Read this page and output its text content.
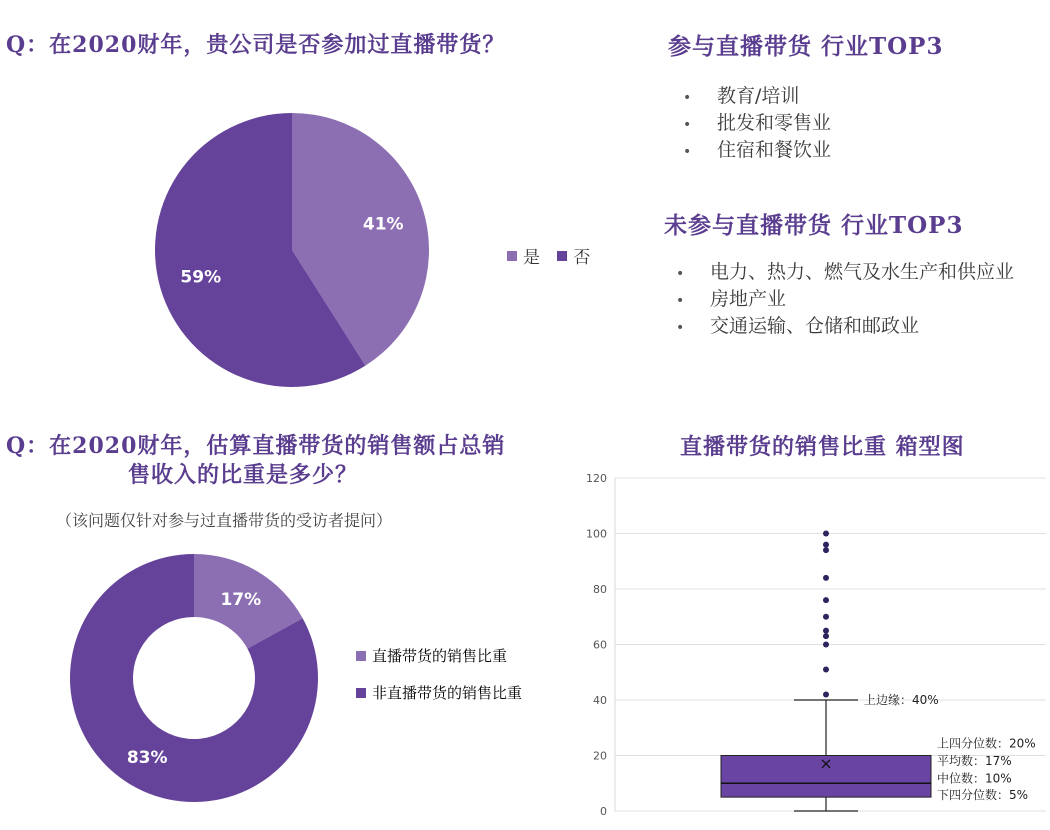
Q：在2020财年，贵公司是否参加过直播带货？
41%
59%
是
否
参与直播带货 行业TOP3
• 教育/培训
• 批发和零售业
• 住宿和餐饮业
未参与直播带货 行业TOP3
• 电力、热力、燃气及水生产和供应业
• 房地产业
• 交通运输、仓储和邮政业
Q：在2020财年，估算直播带货的销售额占总销
售收入的比重是多少？
（该问题仅针对参与过直播带货的受访者提问）
17%
83%
直播带货的销售比重
非直播带货的销售比重
直播带货的销售比重 箱型图
0
20
40
60
80
100
120
上边缘：40%
上四分位数：20%
平均数：17%
中位数：10%
下四分位数：5%
